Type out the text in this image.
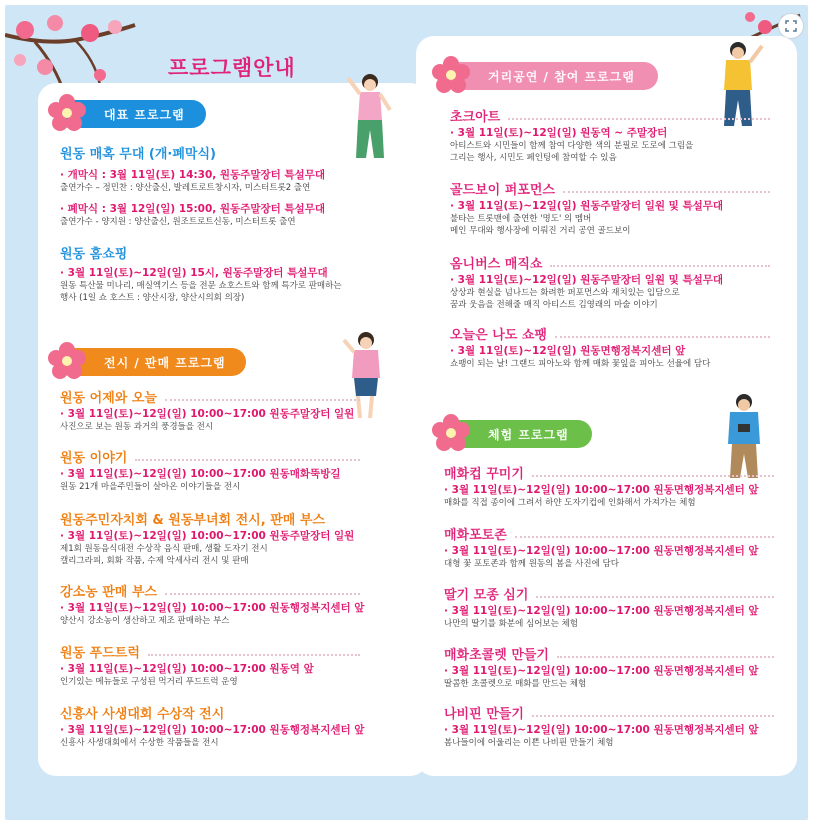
프로그램안내
대표 프로그램
전시 / 판매 프로그램
거리공연 / 참여 프로그램
체험 프로그램
원동 매혹 무대 (개·폐막식)
· 개막식 : 3월 11일(토) 14:30, 원동주말장터 특설무대
출연가수 – 정민찬 : 양산출신, 발레트로트창시자, 미스터트롯2 출연
· 폐막식 : 3월 12일(일) 15:00, 원동주말장터 특설무대
출연가수 - 양지원 : 양산출신, 원조트로트신동, 미스터트롯 출연
원동 홈쇼핑
· 3월 11일(토)~12일(일) 15시, 원동주말장터 특설무대
원동 특산물 미나리, 매실엑기스 등을 전문 쇼호스트와 함께 특가로 판매하는
행사 (1일 쇼 호스트 : 양산시장, 양산시의회 의장)
원동 어제와 오늘
· 3월 11일(토)~12일(일) 10:00~17:00 원동주말장터 일원
사진으로 보는 원동 과거의 풍경들을 전시
원동 이야기
· 3월 11일(토)~12일(일) 10:00~17:00 원동매화뚝방길
원동 21개 마을주민들이 살아온 이야기들을 전시
원동주민자치회 & 원동부녀회 전시, 판매 부스
· 3월 11일(토)~12일(일) 10:00~17:00 원동주말장터 일원
제1회 원동음식대전 수상작 음식 판매, 생활 도자기 전시
캘리그라피, 회화 작품, 수제 악세사리 전시 및 판매
강소농 판매 부스
· 3월 11일(토)~12일(일) 10:00~17:00 원동행정복지센터 앞
양산시 강소농이 생산하고 제조 판매하는 부스
원동 푸드트럭
· 3월 11일(토)~12일(일) 10:00~17:00 원동역 앞
인기있는 메뉴들로 구성된 먹거리 푸드트럭 운영
신흥사 사생대회 수상작 전시
· 3월 11일(토)~12일(일) 10:00~17:00 원동행정복지센터 앞
신흥사 사생대회에서 수상한 작품들을 전시
초크아트
· 3월 11일(토)~12일(일) 원동역 ~ 주말장터
아티스트와 시민들이 함께 참여 다양한 색의 분필로 도로에 그림을
그리는 행사, 시민도 페인팅에 참여할 수 있음
골드보이 퍼포먼스
· 3월 11일(토)~12일(일) 원동주말장터 일원 및 특설무대
불타는 트롯맨에 출연한 '명도' 의 멤버
메인 무대와 행사장에 이뤄진 거리 공연 골드보이
옴니버스 매직쇼
· 3월 11일(토)~12일(일) 원동주말장터 일원 및 특설무대
상상과 현실을 넘나드는 화려한 퍼포먼스와 재치있는 입담으로
꿈과 웃음을 전해줄 매직 아티스트 김영래의 마술 이야기
오늘은 나도 쇼팽
· 3월 11일(토)~12일(일) 원동면행정복지센터 앞
쇼팽이 되는 날! 그랜드 피아노와 함께 매화 꽃잎을 피아노 선율에 담다
매화컵 꾸미기
· 3월 11일(토)~12일(일) 10:00~17:00 원동면행정복지센터 앞
매화를 직접 종이에 그려서 하얀 도자기컵에 인화해서 가져가는 체험
매화포토존
· 3월 11일(토)~12일(일) 10:00~17:00 원동면행정복지센터 앞
대형 꽃 포토존과 함께 원동의 봄을 사진에 담다
딸기 모종 심기
· 3월 11일(토)~12일(일) 10:00~17:00 원동면행정복지센터 앞
나만의 딸기를 화분에 심어보는 체험
매화초콜렛 만들기
· 3월 11일(토)~12일(일) 10:00~17:00 원동면행정복지센터 앞
딸콤한 초콜렛으로 매화를 만드는 체험
나비핀 만들기
· 3월 11일(토)~12일(일) 10:00~17:00 원동면행정복지센터 앞
봄나들이에 어울리는 이쁜 나비핀 만들기 체험
